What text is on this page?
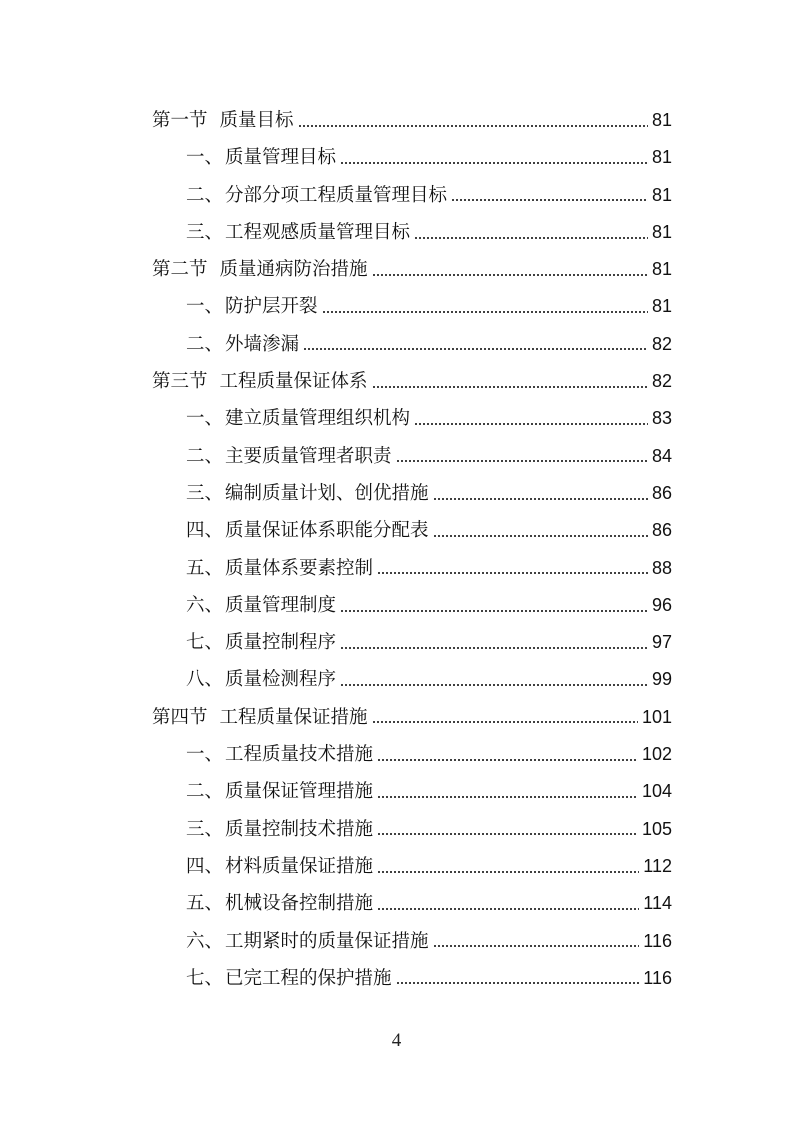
第一节 质量目标	81
一、 质量管理目标	81
二、 分部分项工程质量管理目标	81
三、 工程观感质量管理目标	81
第二节 质量通病防治措施	81
一、 防护层开裂	81
二、 外墙渗漏	82
第三节 工程质量保证体系	82
一、 建立质量管理组织机构	83
二、 主要质量管理者职责	84
三、 编制质量计划、创优措施	86
四、 质量保证体系职能分配表	86
五、 质量体系要素控制	88
六、 质量管理制度	96
七、 质量控制程序	97
八、 质量检测程序	99
第四节 工程质量保证措施	101
一、 工程质量技术措施	102
二、 质量保证管理措施	104
三、 质量控制技术措施	105
四、 材料质量保证措施	112
五、 机械设备控制措施	114
六、 工期紧时的质量保证措施	116
七、 已完工程的保护措施	116
4
